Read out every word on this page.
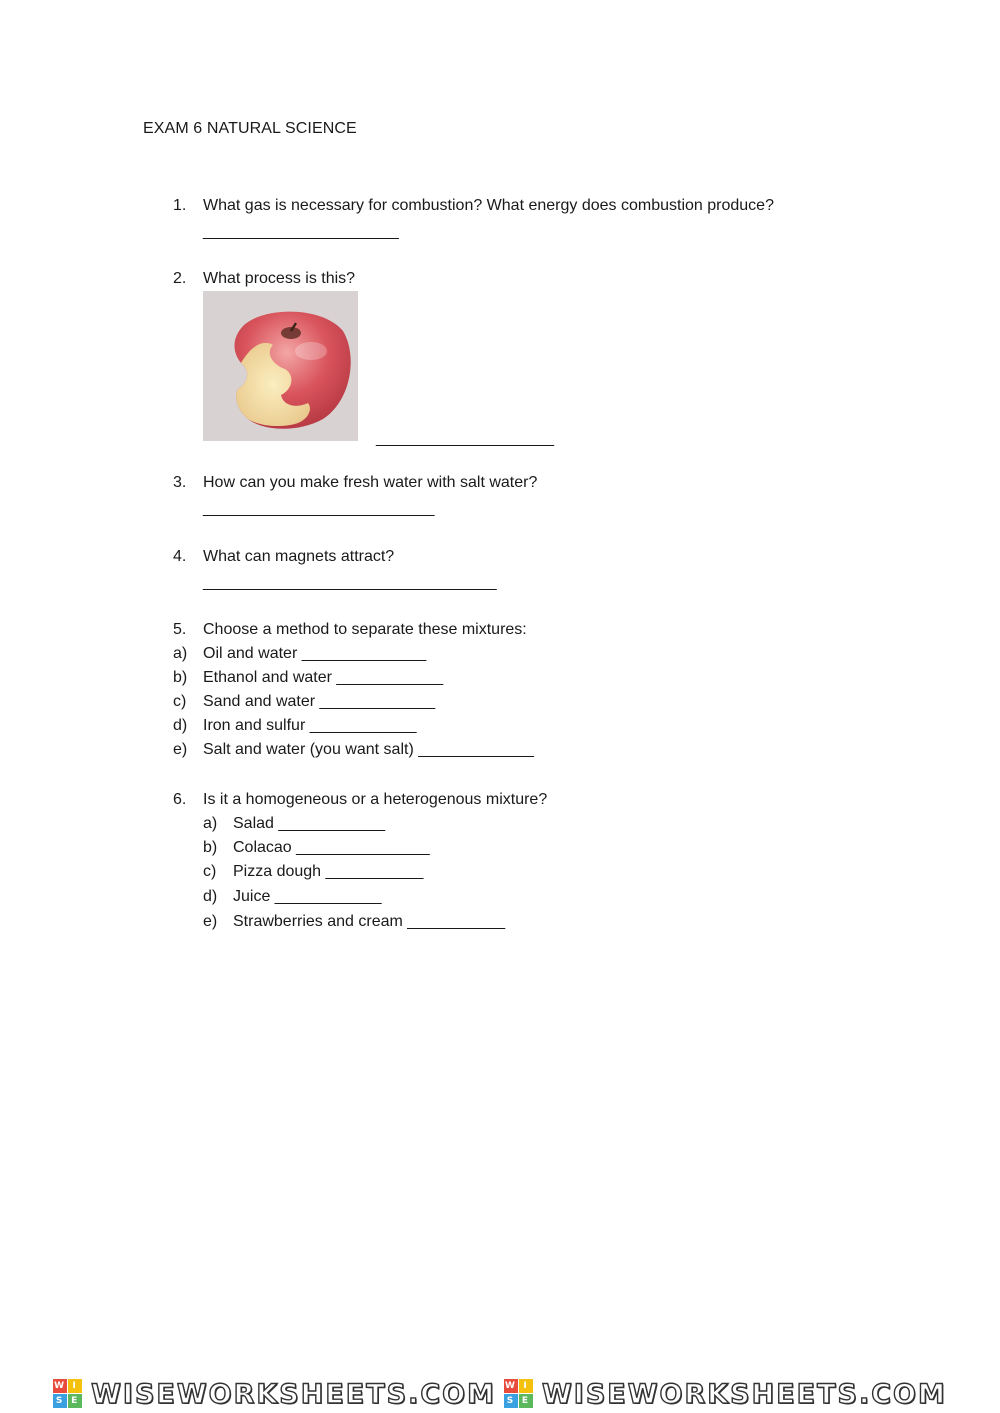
EXAM 6 NATURAL SCIENCE
1. What gas is necessary for combustion? What energy does combustion produce?
______________________
2. What process is this?
____________________
3. How can you make fresh water with salt water?
__________________________
4. What can magnets attract?
_________________________________
5. Choose a method to separate these mixtures:
a) Oil and water ______________
b) Ethanol and water ____________
c) Sand and water _____________
d) Iron and sulfur ____________
e) Salt and water (you want salt) _____________
6. Is it a homogeneous or a heterogenous mixture?
a) Salad ____________
b) Colacao _______________
c) Pizza dough ___________
d) Juice ____________
e) Strawberries and cream ___________
W I
S E WISEWORKSHEETS.COM W I
S E WISEWORKSHEETS.COM
